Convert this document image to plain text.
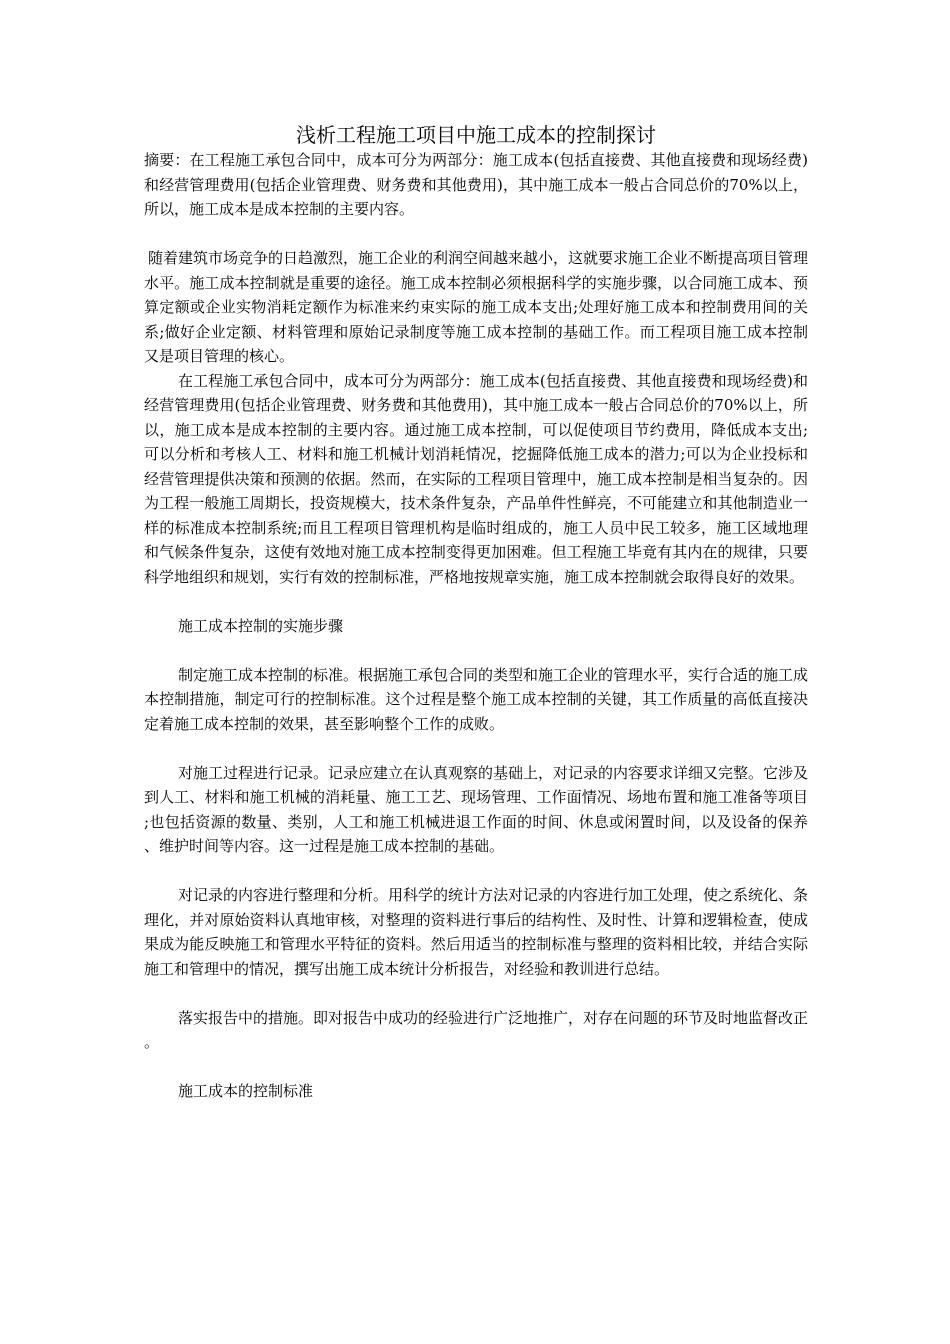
浅析工程施工项目中施工成本的控制探讨

摘要：在工程施工承包合同中，成本可分为两部分：施工成本(包括直接费、其他直接费和现场经费)和经营管理费用(包括企业管理费、财务费和其他费用)，其中施工成本一般占合同总价的70%以上，所以，施工成本是成本控制的主要内容。

随着建筑市场竞争的日趋激烈，施工企业的利润空间越来越小，这就要求施工企业不断提高项目管理水平。施工成本控制就是重要的途径。施工成本控制必须根据科学的实施步骤，以合同施工成本、预算定额或企业实物消耗定额作为标准来约束实际的施工成本支出;处理好施工成本和控制费用间的关系;做好企业定额、材料管理和原始记录制度等施工成本控制的基础工作。而工程项目施工成本控制又是项目管理的核心。

在工程施工承包合同中，成本可分为两部分：施工成本(包括直接费、其他直接费和现场经费)和经营管理费用(包括企业管理费、财务费和其他费用)，其中施工成本一般占合同总价的70%以上，所以，施工成本是成本控制的主要内容。通过施工成本控制，可以促使项目节约费用，降低成本支出;可以分析和考核人工、材料和施工机械计划消耗情况，挖掘降低施工成本的潜力;可以为企业投标和经营管理提供决策和预测的依据。然而，在实际的工程项目管理中，施工成本控制是相当复杂的。因为工程一般施工周期长，投资规模大，技术条件复杂，产品单件性鲜亮，不可能建立和其他制造业一样的标准成本控制系统;而且工程项目管理机构是临时组成的，施工人员中民工较多，施工区域地理和气候条件复杂，这使有效地对施工成本控制变得更加困难。但工程施工毕竟有其内在的规律，只要科学地组织和规划，实行有效的控制标准，严格地按规章实施，施工成本控制就会取得良好的效果。

施工成本控制的实施步骤

制定施工成本控制的标准。根据施工承包合同的类型和施工企业的管理水平，实行合适的施工成本控制措施，制定可行的控制标准。这个过程是整个施工成本控制的关键，其工作质量的高低直接决定着施工成本控制的效果，甚至影响整个工作的成败。

对施工过程进行记录。记录应建立在认真观察的基础上，对记录的内容要求详细又完整。它涉及到人工、材料和施工机械的消耗量、施工工艺、现场管理、工作面情况、场地布置和施工准备等项目;也包括资源的数量、类别，人工和施工机械进退工作面的时间、休息或闲置时间，以及设备的保养、维护时间等内容。这一过程是施工成本控制的基础。

对记录的内容进行整理和分析。用科学的统计方法对记录的内容进行加工处理，使之系统化、条理化，并对原始资料认真地审核，对整理的资料进行事后的结构性、及时性、计算和逻辑检查，使成果成为能反映施工和管理水平特征的资料。然后用适当的控制标准与整理的资料相比较，并结合实际施工和管理中的情况，撰写出施工成本统计分析报告，对经验和教训进行总结。

落实报告中的措施。即对报告中成功的经验进行广泛地推广，对存在问题的环节及时地监督改正。

施工成本的控制标准
